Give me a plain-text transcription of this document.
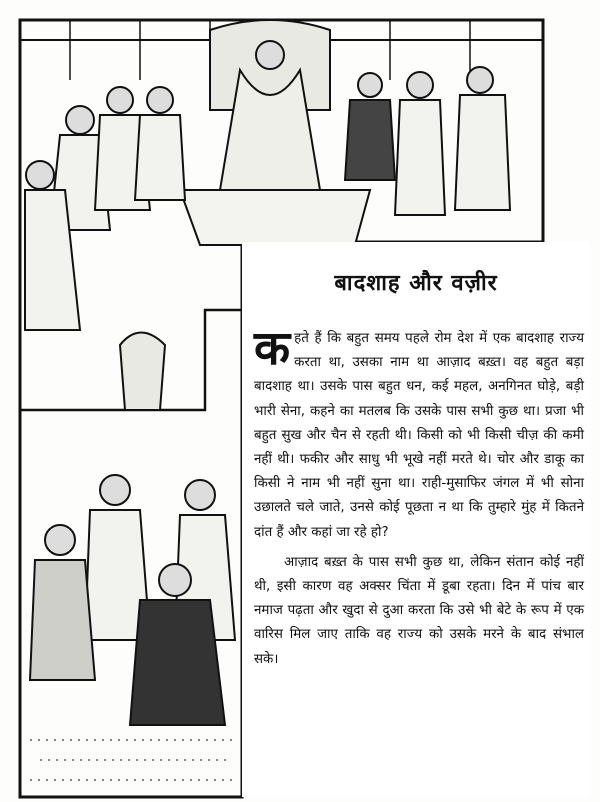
बादशाह और वज़ीर

कहते हैं कि बहुत समय पहले रोम देश में एक बादशाह राज्य करता था, उसका नाम था आज़ाद बख़्त। वह बहुत बड़ा बादशाह था। उसके पास बहुत धन, कई महल, अनगिनत घोड़े, बड़ी भारी सेना, कहने का मतलब कि उसके पास सभी कुछ था। प्रजा भी बहुत सुख और चैन से रहती थी। किसी को भी किसी चीज़ की कमी नहीं थी। फकीर और साधु भी भूखे नहीं मरते थे। चोर और डाकू का किसी ने नाम भी नहीं सुना था। राही-मुसाफिर जंगल में भी सोना उछालते चले जाते, उनसे कोई पूछता न था कि तुम्हारे मुंह में कितने दांत हैं और कहां जा रहे हो?

आज़ाद बख़्त के पास सभी कुछ था, लेकिन संतान कोई नहीं थी, इसी कारण वह अक्सर चिंता में डूबा रहता। दिन में पांच बार नमाज पढ़ता और खुदा से दुआ करता कि उसे भी बेटे के रूप में एक वारिस मिल जाए ताकि वह राज्य को उसके मरने के बाद संभाल सके।
